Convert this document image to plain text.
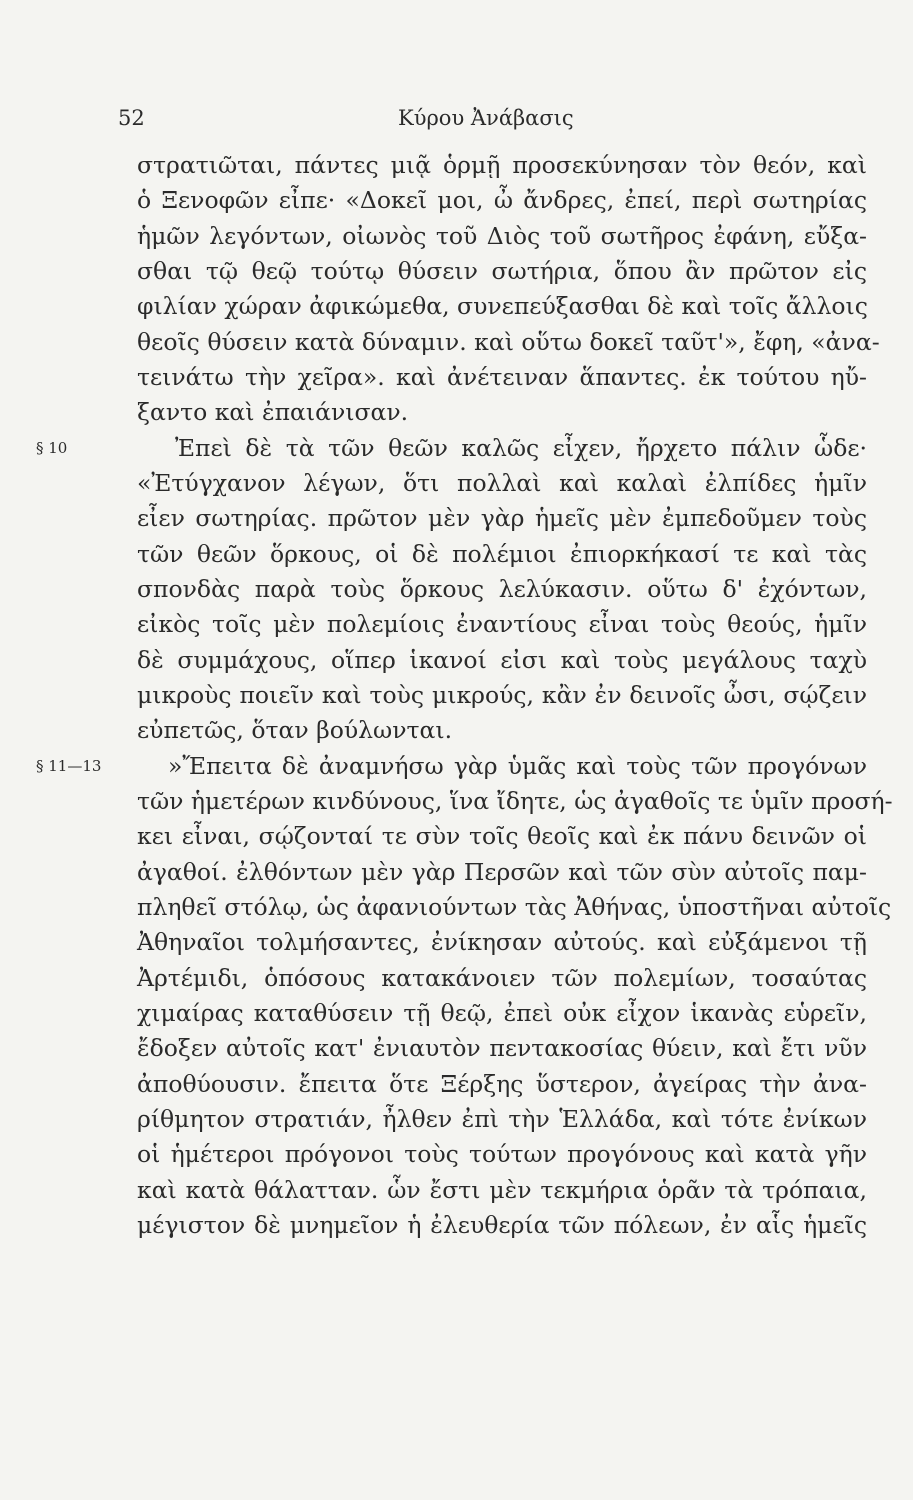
52	Κύρου Ἀνάβασις
στρατιῶται, πάντες μιᾷ ὁρμῇ προσεκύνησαν τὸν θεόν, καὶ
ὁ Ξενοφῶν εἶπε· «Δοκεῖ μοι, ὦ ἄνδρες, ἐπεί, περὶ σωτηρίας
ἡμῶν λεγόντων, οἰωνὸς τοῦ Διὸς τοῦ σωτῆρος ἐφάνη, εὔξα-
σθαι τῷ θεῷ τούτῳ θύσειν σωτήρια, ὅπου ἂν πρῶτον εἰς
φιλίαν χώραν ἀφικώμεθα, συνεπεύξασθαι δὲ καὶ τοῖς ἄλλοις
θεοῖς θύσειν κατὰ δύναμιν. καὶ οὕτω δοκεῖ ταῦτ'», ἔφη, «ἀνα-
τεινάτω τὴν χεῖρα». καὶ ἀνέτειναν ἅπαντες. ἐκ τούτου ηὔ-
ξαντο καὶ ἐπαιάνισαν.
§ 10	Ἐπεὶ δὲ τὰ τῶν θεῶν καλῶς εἶχεν, ἤρχετο πάλιν ὧδε·
«Ἐτύγχανον λέγων, ὅτι πολλαὶ καὶ καλαὶ ἐλπίδες ἡμῖν
εἶεν σωτηρίας. πρῶτον μὲν γὰρ ἡμεῖς μὲν ἐμπεδοῦμεν τοὺς
τῶν θεῶν ὅρκους, οἱ δὲ πολέμιοι ἐπιορκήκασί τε καὶ τὰς
σπονδὰς παρὰ τοὺς ὅρκους λελύκασιν. οὕτω δ' ἐχόντων,
εἰκὸς τοῖς μὲν πολεμίοις ἐναντίους εἶναι τοὺς θεούς, ἡμῖν
δὲ συμμάχους, οἵπερ ἱκανοί εἰσι καὶ τοὺς μεγάλους ταχὺ
μικροὺς ποιεῖν καὶ τοὺς μικρούς, κἂν ἐν δεινοῖς ὦσι, σῴζειν
εὐπετῶς, ὅταν βούλωνται.
§ 11—13	»Ἔπειτα δὲ ἀναμνήσω γὰρ ὑμᾶς καὶ τοὺς τῶν προγόνων
τῶν ἡμετέρων κινδύνους, ἵνα ἴδητε, ὡς ἀγαθοῖς τε ὑμῖν προσή-
κει εἶναι, σῴζονταί τε σὺν τοῖς θεοῖς καὶ ἐκ πάνυ δεινῶν οἱ
ἀγαθοί. ἐλθόντων μὲν γὰρ Περσῶν καὶ τῶν σὺν αὐτοῖς παμ-
πληθεῖ στόλῳ, ὡς ἀφανιούντων τὰς Ἀθήνας, ὑποστῆναι αὐτοῖς
Ἀθηναῖοι τολμήσαντες, ἐνίκησαν αὐτούς. καὶ εὐξάμενοι τῇ
Ἀρτέμιδι, ὁπόσους κατακάνοιεν τῶν πολεμίων, τοσαύτας
χιμαίρας καταθύσειν τῇ θεῷ, ἐπεὶ οὐκ εἶχον ἱκανὰς εὑρεῖν,
ἔδοξεν αὐτοῖς κατ' ἐνιαυτὸν πεντακοσίας θύειν, καὶ ἔτι νῦν
ἀποθύουσιν. ἔπειτα ὅτε Ξέρξης ὕστερον, ἀγείρας τὴν ἀνα-
ρίθμητον στρατιάν, ἦλθεν ἐπὶ τὴν Ἑλλάδα, καὶ τότε ἐνίκων
οἱ ἡμέτεροι πρόγονοι τοὺς τούτων προγόνους καὶ κατὰ γῆν
καὶ κατὰ θάλατταν. ὧν ἔστι μὲν τεκμήρια ὁρᾶν τὰ τρόπαια,
μέγιστον δὲ μνημεῖον ἡ ἐλευθερία τῶν πόλεων, ἐν αἷς ἡμεῖς
